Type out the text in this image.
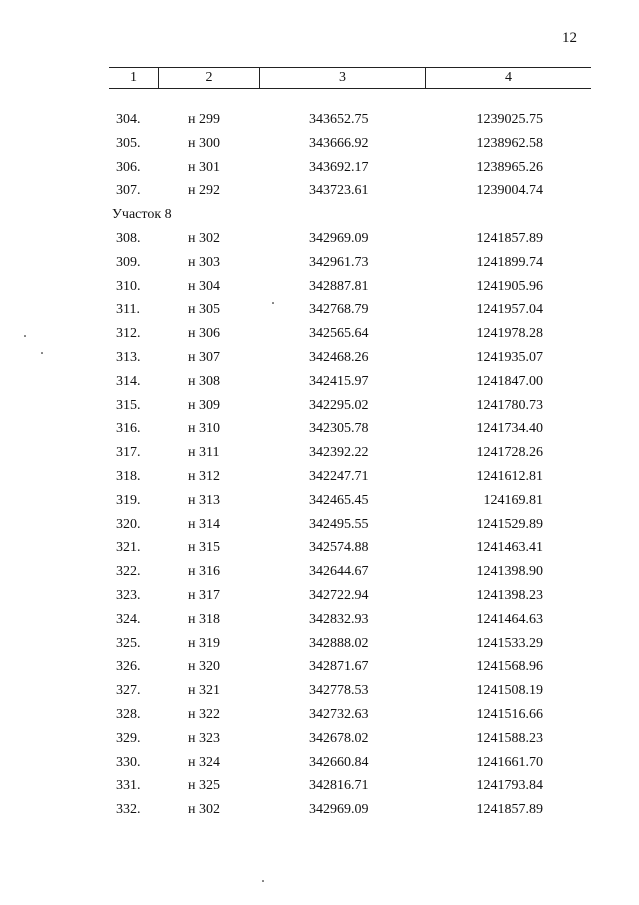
12
1	2	3	4
304.	н 299	343652.75	1239025.75
305.	н 300	343666.92	1238962.58
306.	н 301	343692.17	1238965.26
307.	н 292	343723.61	1239004.74
Участок 8
308.	н 302	342969.09	1241857.89
309.	н 303	342961.73	1241899.74
310.	н 304	342887.81	1241905.96
311.	н 305	342768.79	1241957.04
312.	н 306	342565.64	1241978.28
313.	н 307	342468.26	1241935.07
314.	н 308	342415.97	1241847.00
315.	н 309	342295.02	1241780.73
316.	н 310	342305.78	1241734.40
317.	н 311	342392.22	1241728.26
318.	н 312	342247.71	1241612.81
319.	н 313	342465.45	124169.81
320.	н 314	342495.55	1241529.89
321.	н 315	342574.88	1241463.41
322.	н 316	342644.67	1241398.90
323.	н 317	342722.94	1241398.23
324.	н 318	342832.93	1241464.63
325.	н 319	342888.02	1241533.29
326.	н 320	342871.67	1241568.96
327.	н 321	342778.53	1241508.19
328.	н 322	342732.63	1241516.66
329.	н 323	342678.02	1241588.23
330.	н 324	342660.84	1241661.70
331.	н 325	342816.71	1241793.84
332.	н 302	342969.09	1241857.89
